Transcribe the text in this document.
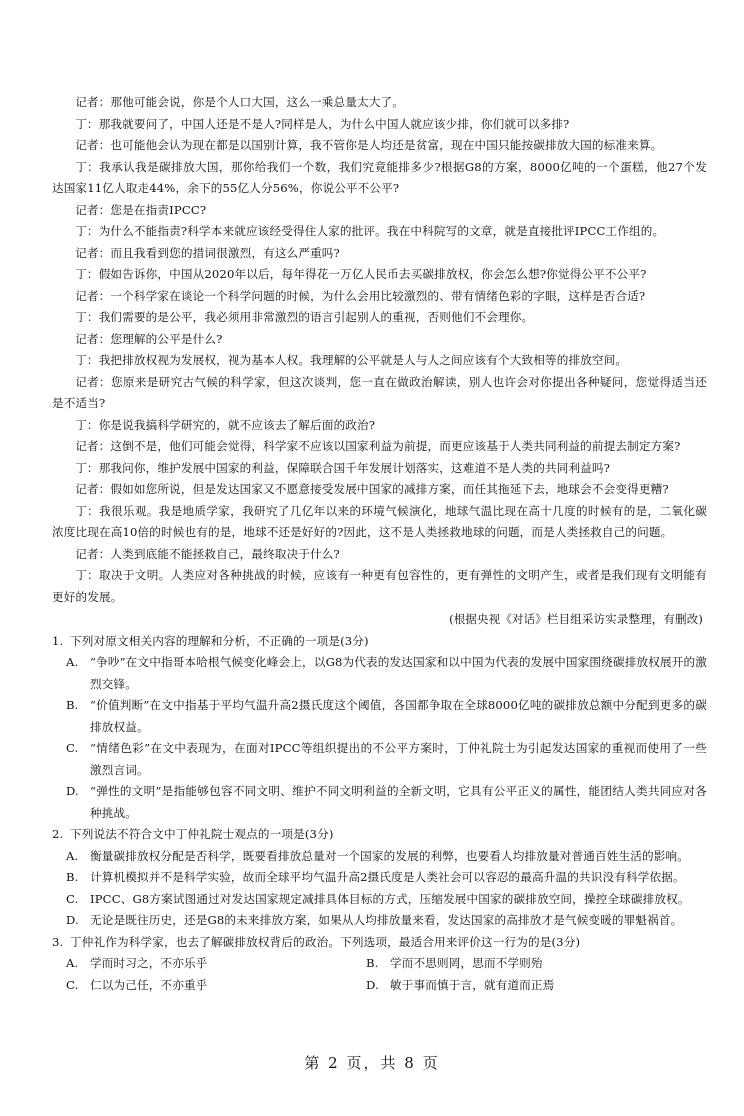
记者：那他可能会说，你是个人口大国，这么一乘总量太大了。

丁：那我就要问了，中国人还是不是人?同样是人，为什么中国人就应该少排，你们就可以多排?

记者：也可能他会认为现在都是以国别计算，我不管你是人均还是贫富，现在中国只能按碳排放大国的标准来算。

丁：我承认我是碳排放大国，那你给我们一个数，我们究竟能排多少?根据G8的方案，8000亿吨的一个蛋糕，他27个发达国家11亿人取走44%，余下的55亿人分56%，你说公平不公平?

记者：您是在指责IPCC?

丁：为什么不能指责?科学本来就应该经受得住人家的批评。我在中科院写的文章，就是直接批评IPCC工作组的。

记者：而且我看到您的措词很激烈，有这么严重吗?

丁：假如告诉你，中国从2020年以后，每年得花一万亿人民币去买碳排放权，你会怎么想?你觉得公平不公平?

记者：一个科学家在谈论一个科学问题的时候，为什么会用比较激烈的、带有情绪色彩的字眼，这样是否合适?

丁：我们需要的是公平，我必须用非常激烈的语言引起别人的重视，否则他们不会理你。

记者：您理解的公平是什么?

丁：我把排放权视为发展权，视为基本人权。我理解的公平就是人与人之间应该有个大致相等的排放空间。

记者：您原来是研究古气候的科学家，但这次谈判，您一直在做政治解读，别人也许会对你提出各种疑问，您觉得适当还是不适当?

丁：你是说我搞科学研究的，就不应该去了解后面的政治?

记者：这倒不是，他们可能会觉得，科学家不应该以国家利益为前提，而更应该基于人类共同利益的前提去制定方案?

丁：那我问你，维护发展中国家的利益，保障联合国千年发展计划落实，这难道不是人类的共同利益吗?

记者：假如如您所说，但是发达国家又不愿意接受发展中国家的减排方案，而任其拖延下去，地球会不会变得更糟?

丁：我很乐观。我是地质学家，我研究了几亿年以来的环境气候演化，地球气温比现在高十几度的时候有的是，二氧化碳浓度比现在高10倍的时候也有的是，地球不还是好好的?因此，这不是人类拯救地球的问题，而是人类拯救自己的问题。

记者：人类到底能不能拯救自己，最终取决于什么?

丁：取决于文明。人类应对各种挑战的时候，应该有一种更有包容性的，更有弹性的文明产生，或者是我们现有文明能有更好的发展。

(根据央视《对话》栏目组采访实录整理，有删改)

1. 下列对原文相关内容的理解和分析，不正确的一项是(3分)
A.	“争吵”在文中指哥本哈根气候变化峰会上，以G8为代表的发达国家和以中国为代表的发展中国家围绕碳排放权展开的激烈交锋。
B. “价值判断”在文中指基于平均气温升高2摄氏度这个阈值，各国都争取在全球8000亿吨的碳排放总额中分配到更多的碳排放权益。
C. “情绪色彩”在文中表现为，在面对IPCC等组织提出的不公平方案时，丁仲礼院士为引起发达国家的重视而使用了一些激烈言词。
D. “弹性的文明”是指能够包容不同文明、维护不同文明利益的全新文明，它具有公平正义的属性，能团结人类共同应对各种挑战。
2. 下列说法不符合文中丁仲礼院士观点的一项是(3分)
A.	衡量碳排放权分配是否科学，既要看排放总量对一个国家的发展的利弊，也要看人均排放量对普通百姓生活的影响。
B. 计算机模拟并不是科学实验，故而全球平均气温升高2摄氏度是人类社会可以容忍的最高升温的共识没有科学依据。
C. IPCC、G8方案试图通过对发达国家规定减排具体目标的方式，压缩发展中国家的碳排放空间，操控全球碳排放权。
D. 无论是既往历史，还是G8的未来排放方案，如果从人均排放量来看，发达国家的高排放才是气候变暖的罪魁祸首。
3. 丁仲礼作为科学家，也去了解碳排放权背后的政治。下列选项，最适合用来评价这一行为的是(3分)
A.	学而时习之，不亦乐乎	B. 学而不思则罔，思而不学则殆
C. 仁以为己任，不亦重乎	D. 敏于事而慎于言，就有道而正焉
第 2 页，共 8 页
